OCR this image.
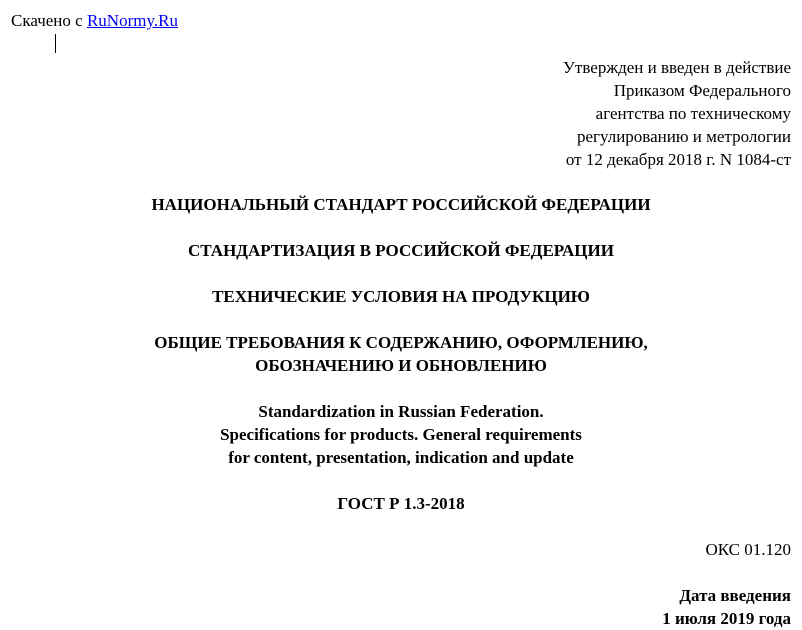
Скачено с RuNormy.Ru
Утвержден и введен в действие
Приказом Федерального
агентства по техническому
регулированию и метрологии
от 12 декабря 2018 г. N 1084-ст
НАЦИОНАЛЬНЫЙ СТАНДАРТ РОССИЙСКОЙ ФЕДЕРАЦИИ
СТАНДАРТИЗАЦИЯ В РОССИЙСКОЙ ФЕДЕРАЦИИ
ТЕХНИЧЕСКИЕ УСЛОВИЯ НА ПРОДУКЦИЮ
ОБЩИЕ ТРЕБОВАНИЯ К СОДЕРЖАНИЮ, ОФОРМЛЕНИЮ,
ОБОЗНАЧЕНИЮ И ОБНОВЛЕНИЮ
Standardization in Russian Federation.
Specifications for products. General requirements
for content, presentation, indication and update
ГОСТ Р 1.3-2018
ОКС 01.120
Дата введения
1 июля 2019 года
